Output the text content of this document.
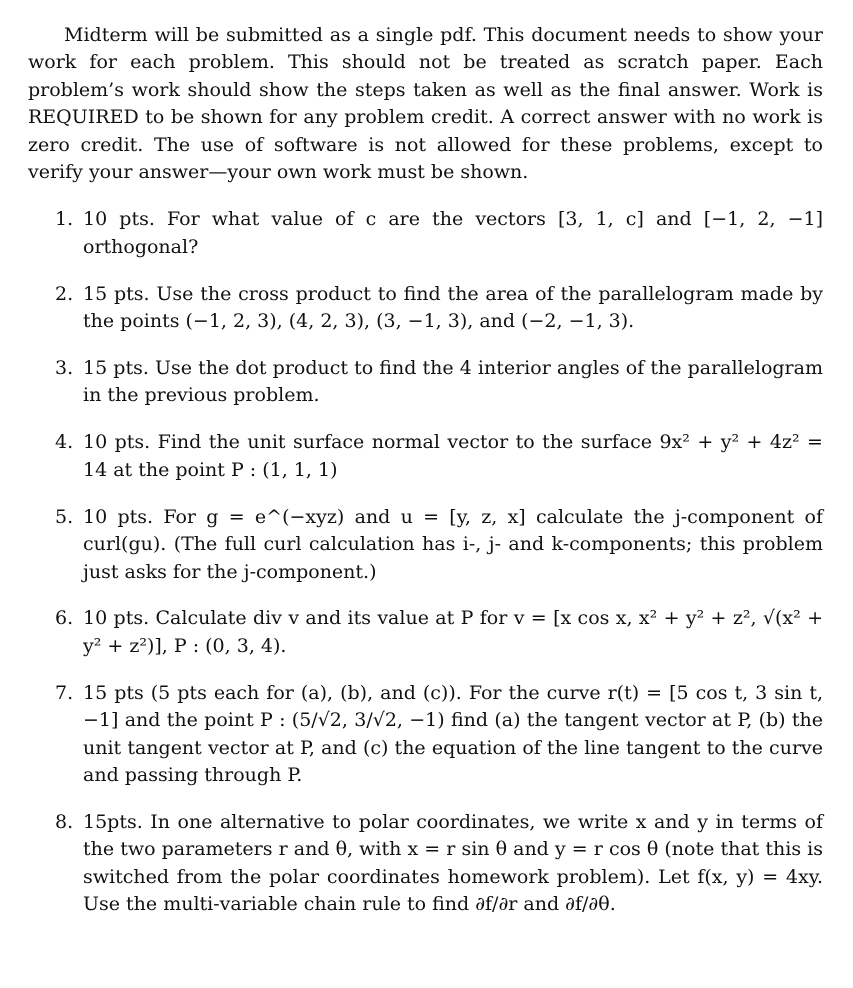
Midterm will be submitted as a single pdf. This document needs to show your work for each problem. This should not be treated as scratch paper. Each problem’s work should show the steps taken as well as the final answer. Work is REQUIRED to be shown for any problem credit. A correct answer with no work is zero credit. The use of software is not allowed for these problems, except to verify your answer—your own work must be shown.

1. 10 pts. For what value of c are the vectors [3, 1, c] and [−1, 2, −1] orthogonal?
2. 15 pts. Use the cross product to find the area of the parallelogram made by the points (−1, 2, 3), (4, 2, 3), (3, −1, 3), and (−2, −1, 3).
3. 15 pts. Use the dot product to find the 4 interior angles of the parallelogram in the previous problem.
4. 10 pts. Find the unit surface normal vector to the surface 9x² + y² + 4z² = 14 at the point P : (1, 1, 1)
5. 10 pts. For g = e^(−xyz) and u = [y, z, x] calculate the j-component of curl(gu). (The full curl calculation has i-, j- and k-components; this problem just asks for the j-component.)
6. 10 pts. Calculate div v and its value at P for v = [x cos x, x² + y² + z², √(x² + y² + z²)], P : (0, 3, 4).
7. 15 pts (5 pts each for (a), (b), and (c)). For the curve r(t) = [5 cos t, 3 sin t, −1] and the point P : (5/√2, 3/√2, −1) find (a) the tangent vector at P, (b) the unit tangent vector at P, and (c) the equation of the line tangent to the curve and passing through P.
8. 15pts. In one alternative to polar coordinates, we write x and y in terms of the two parameters r and θ, with x = r sin θ and y = r cos θ (note that this is switched from the polar coordinates homework problem). Let f(x, y) = 4xy. Use the multi-variable chain rule to find ∂f/∂r and ∂f/∂θ.
